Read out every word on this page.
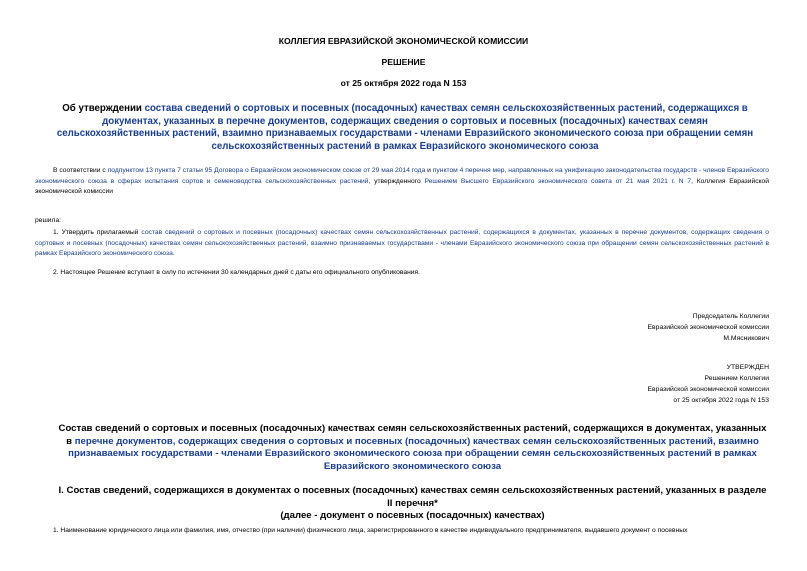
КОЛЛЕГИЯ ЕВРАЗИЙСКОЙ ЭКОНОМИЧЕСКОЙ КОМИССИИ
РЕШЕНИЕ
от 25 октября 2022 года N 153
Об утверждении состава сведений о сортовых и посевных (посадочных) качествах семян сельскохозяйственных растений, содержащихся в документах, указанных в перечне документов, содержащих сведения о сортовых и посевных (посадочных) качествах семян сельскохозяйственных растений, взаимно признаваемых государствами - членами Евразийского экономического союза при обращении семян сельскохозяйственных растений в рамках Евразийского экономического союза
В соответствии с подпунктом 13 пункта 7 статьи 95 Договора о Евразийском экономическом союзе от 29 мая 2014 года и пунктом 4 перечня мер, направленных на унификацию законодательства государств - членов Евразийского экономического союза в сферах испытания сортов и семеноводства сельскохозяйственных растений, утвержденного Решением Высшего Евразийского экономического совета от 21 мая 2021 г. N 7, Коллегия Евразийской экономической комиссии
решила:
1. Утвердить прилагаемый состав сведений о сортовых и посевных (посадочных) качествах семян сельскохозяйственных растений, содержащихся в документах, указанных в перечне документов, содержащих сведения о сортовых и посевных (посадочных) качествах семян сельскохозяйственных растений, взаимно признаваемых государствами - членами Евразийского экономического союза при обращении семян сельскохозяйственных растений в рамках Евразийского экономического союза.
2. Настоящее Решение вступает в силу по истечении 30 календарных дней с даты его официального опубликования.
Председатель Коллегии
Евразийской экономической комиссии
М.Мясникович
УТВЕРЖДЕН
Решением Коллегии
Евразийской экономической комиссии
от 25 октября 2022 года N 153
Состав сведений о сортовых и посевных (посадочных) качествах семян сельскохозяйственных растений, содержащихся в документах, указанных в перечне документов, содержащих сведения о сортовых и посевных (посадочных) качествах семян сельскохозяйственных растений, взаимно признаваемых государствами - членами Евразийского экономического союза при обращении семян сельскохозяйственных растений в рамках Евразийского экономического союза
I. Состав сведений, содержащихся в документах о посевных (посадочных) качествах семян сельскохозяйственных растений, указанных в разделе II перечня*
(далее - документ о посевных (посадочных) качествах)
1. Наименование юридического лица или фамилия, имя, отчество (при наличии) физического лица, зарегистрированного в качестве индивидуального предпринимателя, выдавшего документ о посевных
